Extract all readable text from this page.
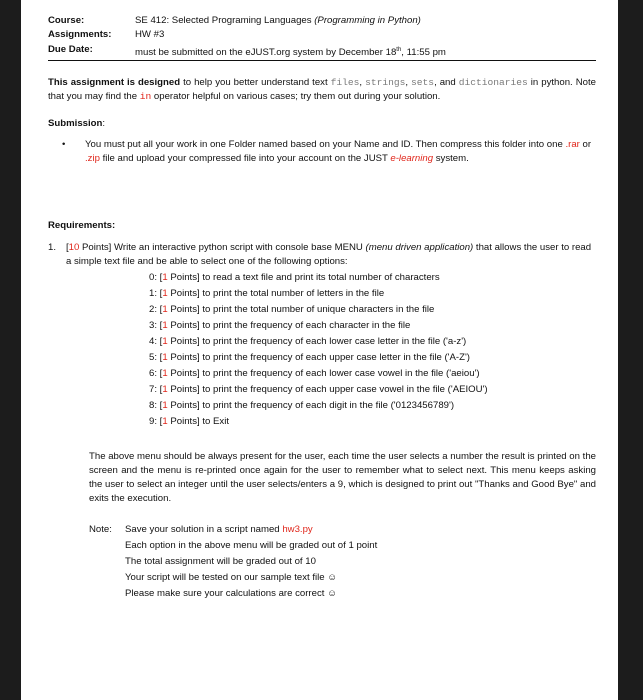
Course:	SE 412: Selected Programing Languages (Programming in Python)
Assignments:	HW #3
Due Date:	must be submitted on the eJUST.org system by December 18th, 11:55 pm
This assignment is designed to help you better understand text files, strings, sets, and dictionaries in python. Note that you may find the in operator helpful on various cases; try them out during your solution.
Submission:
•	You must put all your work in one Folder named based on your Name and ID. Then compress this folder into one .rar or .zip file and upload your compressed file into your account on the JUST e-learning system.
Requirements:
1.	[10 Points] Write an interactive python script with console base MENU (menu driven application) that allows the user to read a simple text file and be able to select one of the following options:
0: [1 Points] to read a text file and print its total number of characters
1: [1 Points] to print the total number of letters in the file
2: [1 Points] to print the total number of unique characters in the file
3: [1 Points] to print the frequency of each character in the file
4: [1 Points] to print the frequency of each lower case letter in the file ('a-z')
5: [1 Points] to print the frequency of each upper case letter in the file ('A-Z')
6: [1 Points] to print the frequency of each lower case vowel in the file ('aeiou')
7: [1 Points] to print the frequency of each upper case vowel in the file ('AEIOU')
8: [1 Points] to print the frequency of each digit in the file ('0123456789')
9: [1 Points] to Exit
The above menu should be always present for the user, each time the user selects a number the result is printed on the screen and the menu is re-printed once again for the user to remember what to select next. This menu keeps asking the user to select an integer until the user selects/enters a 9, which is designed to print out "Thanks and Good Bye" and exits the execution.
Note:	Save your solution in a script named hw3.py
Each option in the above menu will be graded out of 1 point
The total assignment will be graded out of 10
Your script will be tested on our sample text file ☺
Please make sure your calculations are correct ☺
